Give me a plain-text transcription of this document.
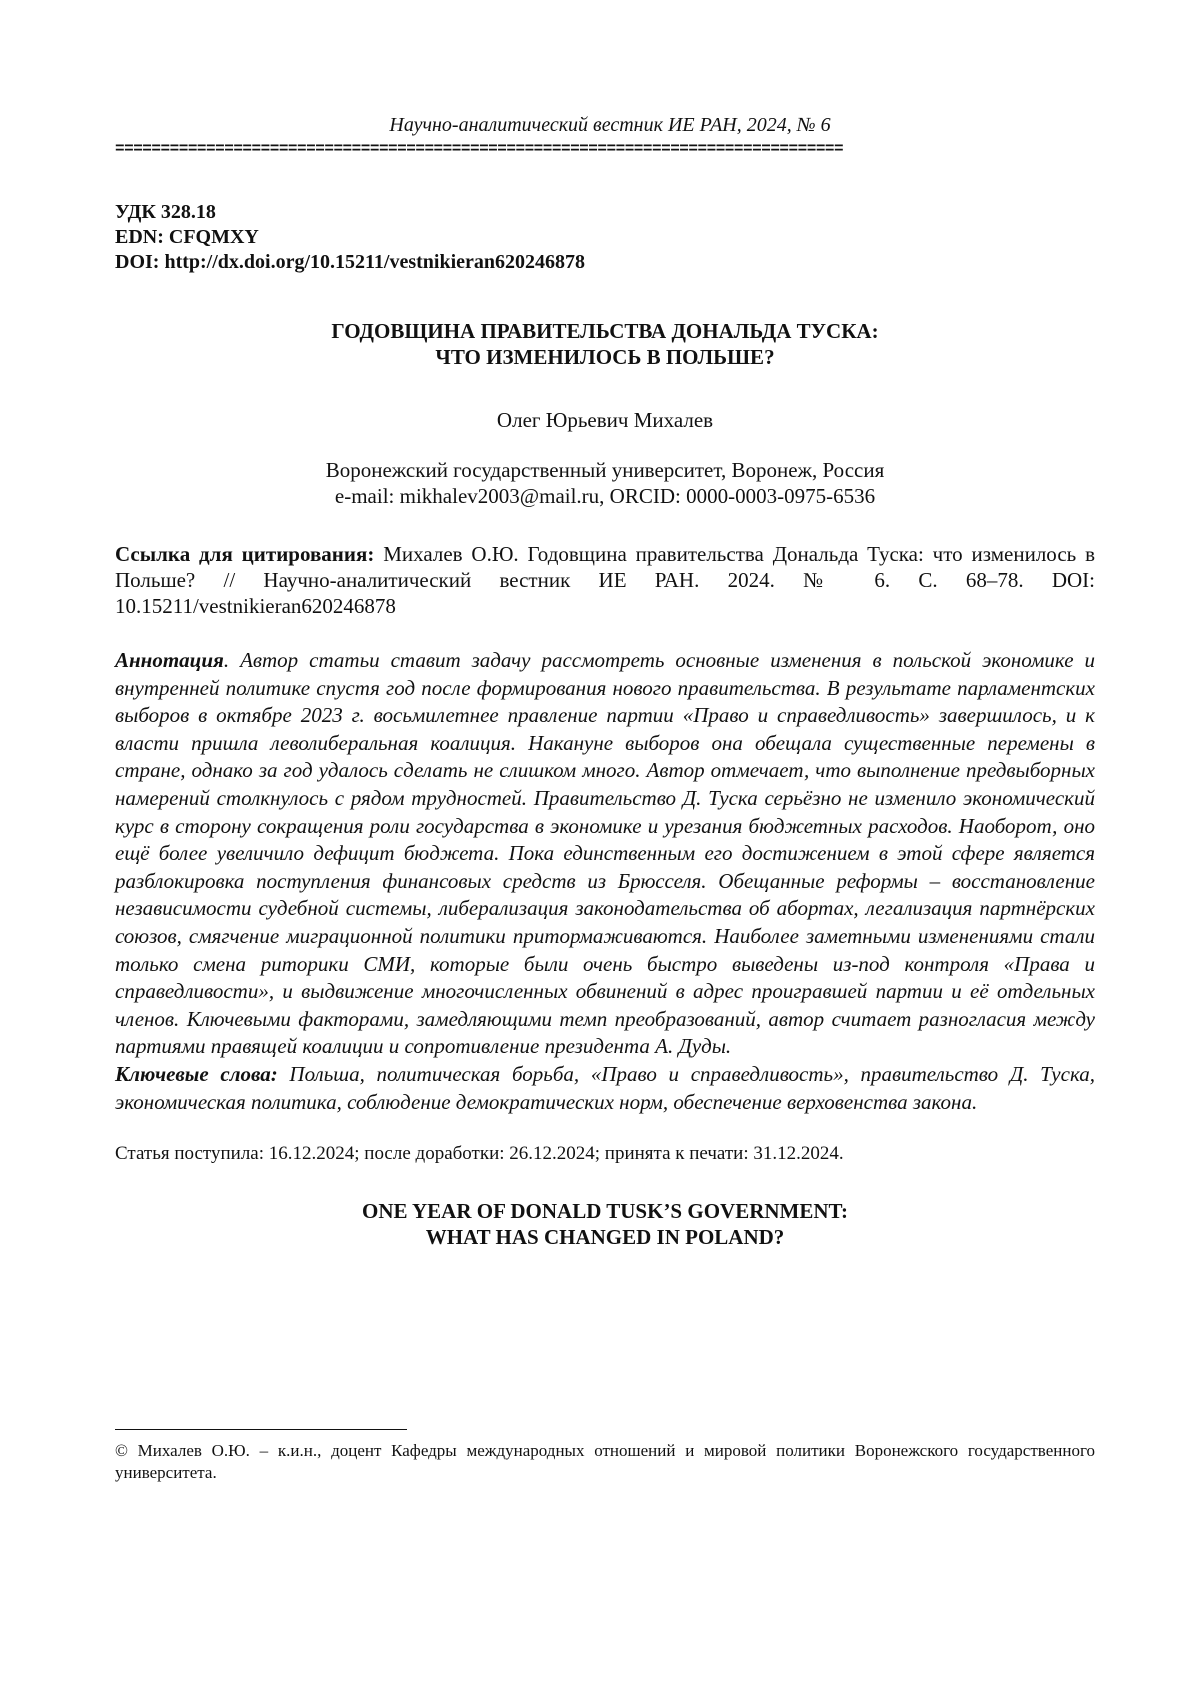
Научно-аналитический вестник ИЕ РАН, 2024, № 6
================================================================================
УДК 328.18
EDN: CFQMXY
DOI: http://dx.doi.org/10.15211/vestnikieran620246878
ГОДОВЩИНА ПРАВИТЕЛЬСТВА ДОНАЛЬДА ТУСКА:
ЧТО ИЗМЕНИЛОСЬ В ПОЛЬШЕ?
Олег Юрьевич Михалев
Воронежский государственный университет, Воронеж, Россия
e-mail: mikhalev2003@mail.ru, ORCID: 0000-0003-0975-6536
Ссылка для цитирования: Михалев О.Ю. Годовщина правительства Дональда Туска: что изменилось в Польше? // Научно-аналитический вестник ИЕ РАН. 2024. № 6. С. 68–78. DOI: 10.15211/vestnikieran620246878
Аннотация. Автор статьи ставит задачу рассмотреть основные изменения в польской экономике и внутренней политике спустя год после формирования нового правительства. В результате парламентских выборов в октябре 2023 г. восьмилетнее правление партии «Право и справедливость» завершилось, и к власти пришла леволиберальная коалиция. Накануне выборов она обещала существенные перемены в стране, однако за год удалось сделать не слишком много. Автор отмечает, что выполнение предвыборных намерений столкнулось с рядом трудностей. Правительство Д. Туска серьёзно не изменило экономический курс в сторону сокращения роли государства в экономике и урезания бюджетных расходов. Наоборот, оно ещё более увеличило дефицит бюджета. Пока единственным его достижением в этой сфере является разблокировка поступления финансовых средств из Брюсселя. Обещанные реформы – восстановление независимости судебной системы, либерализация законодательства об абортах, легализация партнёрских союзов, смягчение миграционной политики притормаживаются. Наиболее заметными изменениями стали только смена риторики СМИ, которые были очень быстро выведены из-под контроля «Права и справедливости», и выдвижение многочисленных обвинений в адрес проигравшей партии и её отдельных членов. Ключевыми факторами, замедляющими темп преобразований, автор считает разногласия между партиями правящей коалиции и сопротивление президента А. Дуды.
Ключевые слова: Польша, политическая борьба, «Право и справедливость», правительство Д. Туска, экономическая политика, соблюдение демократических норм, обеспечение верховенства закона.
Статья поступила: 16.12.2024; после доработки: 26.12.2024; принята к печати: 31.12.2024.
ONE YEAR OF DONALD TUSK’S GOVERNMENT:
WHAT HAS CHANGED IN POLAND?
© Михалев О.Ю. – к.и.н., доцент Кафедры международных отношений и мировой политики Воронежского государственного университета.
